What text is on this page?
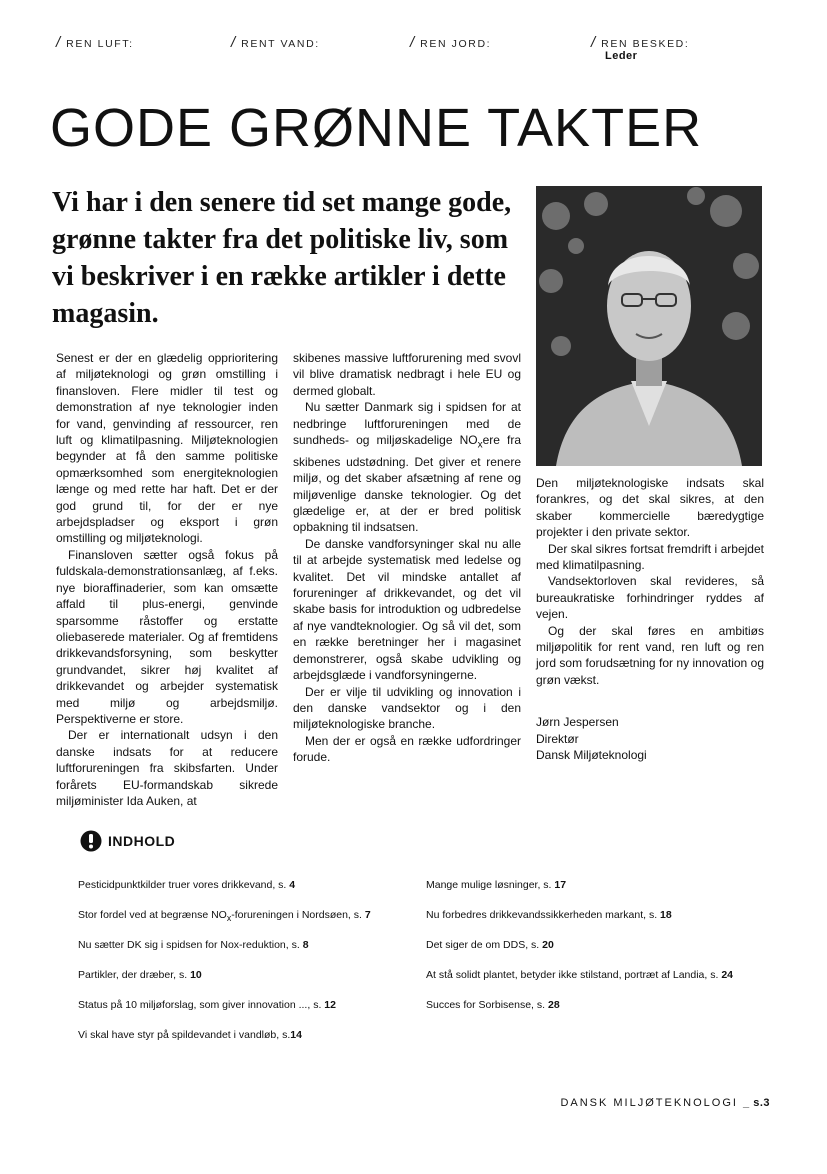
/ REN LUFT:	/ RENT VAND:	/ REN JORD:	/ REN BESKED:
Leder
GODE GRØNNE TAKTER

Vi har i den senere tid set mange gode, grønne takter fra det politiske liv, som vi beskriver i en række artikler i dette magasin.

Senest er der en glædelig opprioritering af miljøteknologi og grøn omstilling i finansloven. Flere midler til test og demonstration af nye teknologier inden for vand, genvinding af ressourcer, ren luft og klimatilpasning. Miljøteknologien begynder at få den samme politiske opmærksomhed som energiteknologien længe og med rette har haft. Det er der god grund til, for der er nye arbejdspladser og eksport i grøn omstilling og miljøteknologi.

Finansloven sætter også fokus på fuldskala-demonstrationsanlæg, af f.eks. nye bioraffinaderier, som kan omsætte affald til plus-energi, genvinde sparsomme råstoffer og erstatte oliebaserede materialer. Og af fremtidens drikkevandsforsyning, som beskytter grundvandet, sikrer høj kvalitet af drikkevandet og arbejder systematisk med miljø og arbejdsmiljø. Perspektiverne er store.

Der er internationalt udsyn i den danske indsats for at reducere luftforureningen fra skibsfarten. Under forårets EU-formandskab sikrede miljøminister Ida Auken, at

skibenes massive luftforurening med svovl vil blive dramatisk nedbragt i hele EU og dermed globalt.

Nu sætter Danmark sig i spidsen for at nedbringe luftforureningen med de sundheds- og miljøskadelige $NO_xere$ fra skibenes udstødning. Det giver et renere miljø, og det skaber afsætning af rene og miljøvenlige danske teknologier. Og det glædelige er, at der er bred politisk opbakning til indsatsen.

De danske vandforsyninger skal nu alle til at arbejde systematisk med ledelse og kvalitet. Det vil mindske antallet af forureninger af drikkevandet, og det vil skabe basis for introduktion og udbredelse af nye vandteknologier. Og så vil det, som en række beretninger her i magasinet demonstrerer, også skabe udvikling og arbejdsglæde i vandforsyningerne.

Der er vilje til udvikling og innovation i den danske vandsektor og i den miljøteknologiske branche.

Men der er også en række udfordringer forude.

Den miljøteknologiske indsats skal forankres, og det skal sikres, at den skaber kommercielle bæredygtige projekter i den private sektor.

Der skal sikres fortsat fremdrift i arbejdet med klimatilpasning.

Vandsektorloven skal revideres, så bureaukratiske forhindringer ryddes af vejen.

Og der skal føres en ambitiøs miljøpolitik for rent vand, ren luft og ren jord som forudsætning for ny innovation og grøn vækst.

Jørn Jespersen
Direktør
Dansk Miljøteknologi

INDHOLD
Pesticidpunktkilder truer vores drikkevand, s. 4
Stor fordel ved at begrænse $NO_x$-forureningen i Nordsøen, s. 7
Nu sætter DK sig i spidsen for Nox-reduktion, s. 8
Partikler, der dræber, s. 10
Status på 10 miljøforslag, som giver innovation ..., s. 12
Vi skal have styr på spildevandet i vandløb, s.14
Mange mulige løsninger, s. 17
Nu forbedres drikkevandssikkerheden markant, s. 18
Det siger de om DDS, s. 20
At stå solidt plantet, betyder ikke stilstand, portræt af Landia, s. 24
Succes for Sorbisense, s. 28
DANSK MILJØTEKNOLOGI _ s.3
